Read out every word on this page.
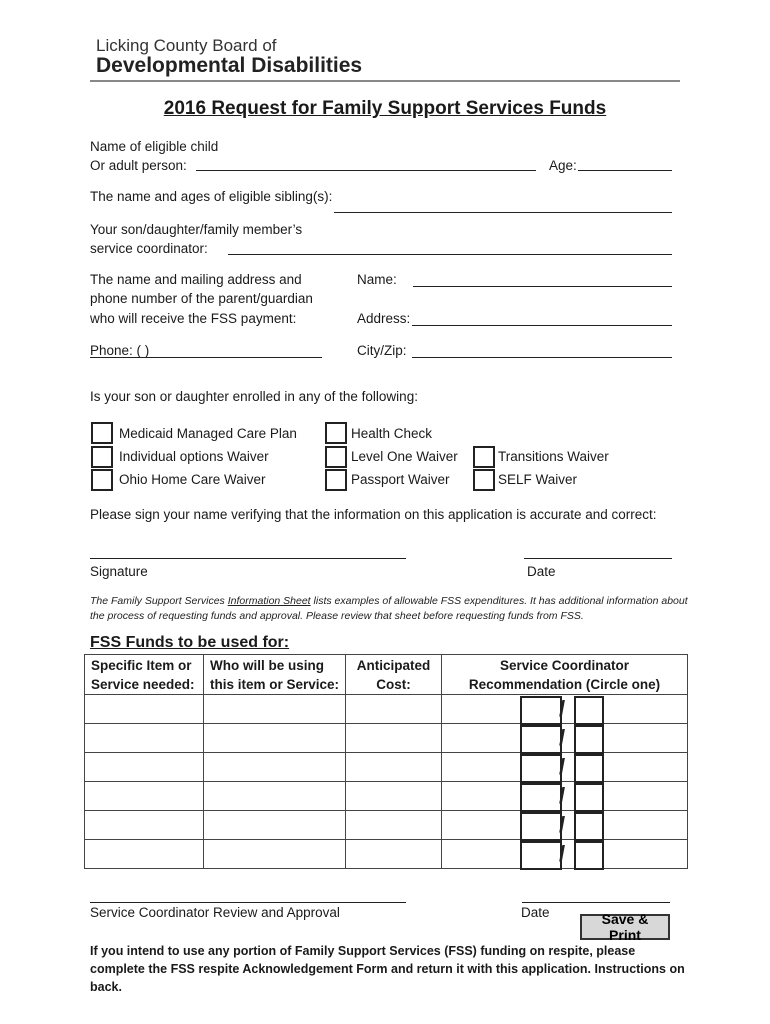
Licking County Board of
Developmental Disabilities
2016 Request for Family Support Services Funds
Name of eligible child
Or adult person:	Age:
The name and ages of eligible sibling(s):
Your son/daughter/family member’s
service coordinator:
The name and mailing address and
phone number of the parent/guardian
who will receive the FSS payment:
Name:
Address:
Phone: ( )	City/Zip:
Is your son or daughter enrolled in any of the following:
Medicaid Managed Care Plan	Health Check
Individual options Waiver	Level One Waiver	Transitions Waiver
Ohio Home Care Waiver	Passport Waiver	SELF Waiver
Please sign your name verifying that the information on this application is accurate and correct:
Signature	Date
The Family Support Services Information Sheet lists examples of allowable FSS expenditures. It has additional information about the process of requesting funds and approval. Please review that sheet before requesting funds from FSS.
FSS Funds to be used for:
Specific Item or Service needed:	Who will be using this item or Service:	Anticipated Cost:	Service Coordinator Recommendation (Circle one)

			/

			/

			/

			/

			/

			/
Service Coordinator Review and Approval	Date	Save & Print
If you intend to use any portion of Family Support Services (FSS) funding on respite, please complete the FSS respite Acknowledgement Form and return it with this application. Instructions on back.
